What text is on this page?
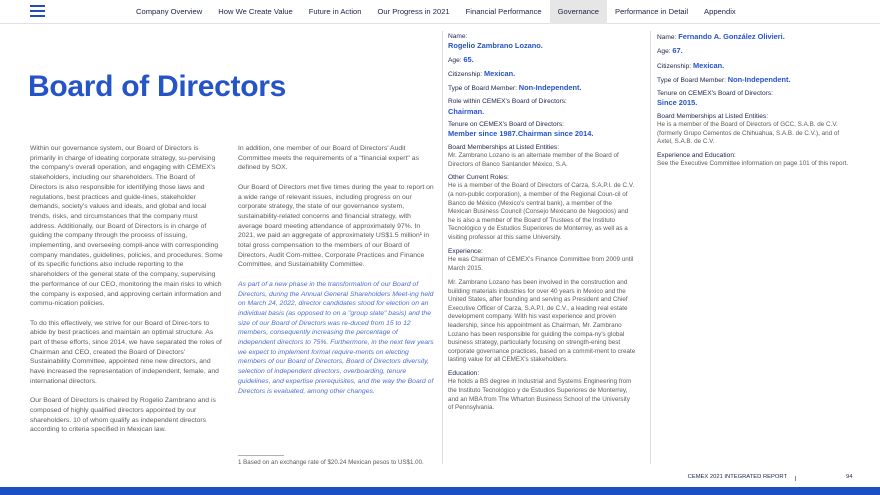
Company Overview	How We Create Value	Future in Action	Our Progress in 2021	Financial Performance	Governance	Performance in Detail	Appendix
Board of Directors

Within our governance system, our Board of Directors is primarily in charge of ideating corporate strategy, su-pervising the company's overall operation, and engaging with CEMEX's stakeholders, including our shareholders. The Board of Directors is also responsible for identifying those laws and regulations, best practices and guide-lines, stakeholder demands, society's values and ideals, and global and local trends, risks, and circumstances that the company must address. Additionally, our Board of Directors is in charge of guiding the company through the process of issuing, implementing, and overseeing compli-ance with corresponding company mandates, guidelines, policies, and procedures. Some of its specific functions also include reporting to the shareholders of the general state of the company, supervising the performance of our CEO, monitoring the main risks to which the company is exposed, and approving certain information and commu-nication policies.

To do this effectively, we strive for our Board of Direc-tors to abide by best practices and maintain an optimal structure. As part of these efforts, since 2014, we have separated the roles of Chairman and CEO, created the Board of Directors' Sustainability Committee, appointed nine new directors, and have increased the representation of independent, female, and international directors.

Our Board of Directors is chaired by Rogelio Zambrano and is composed of highly qualified directors appointed by our shareholders. 10 of whom qualify as independent directors according to criteria specified in Mexican law.

In addition, one member of our Board of Directors' Audit Committee meets the requirements of a "financial expert" as defined by SOX.

Our Board of Directors met five times during the year to report on a wide range of relevant issues, including progress on our corporate strategy, the state of our governance system, sustainability-related concerns and financial strategy, with average board meeting attendance of approximately 97%. In 2021, we paid an aggregate of approximately US$1.5 million¹ in total gross compensation to the members of our Board of Directors, Audit Com-mittee, Corporate Practices and Finance Committee, and Sustainability Committee.

As part of a new phase in the transformation of our Board of Directors, during the Annual General Shareholders Meet-ing held on March 24, 2022, director candidates stood for election on an individual basis (as opposed to on a "group slate" basis) and the size of our Board of Directors was re-duced from 15 to 12 members, consequently increasing the percentage of independent directors to 75%. Furthermore, in the next few years we expect to implement formal require-ments on electing members of our Board of Directors, Board of Directors diversity, selection of independent directors, overboarding, tenure guidelines, and expertise prerequisites, and the way the Board of Directors is evaluated, among other changes.

1 Based on an exchange rate of $20.24 Mexican pesos to US$1.00.
Name:
Rogelio Zambrano Lozano.
Age: 65.
Citizenship: Mexican.
Type of Board Member: Non-Independent.
Role within CEMEX's Board of Directors:
Chairman.
Tenure on CEMEX's Board of Directors:
Member since 1987.Chairman since 2014.
Board Memberships at Listed Entities:
Mr. Zambrano Lozano is an alternate member of the Board of Directors of Banco Santander México, S.A.
Other Current Roles:
He is a member of the Board of Directors of Carza, S.A.P.I. de C.V. (a non-public corporation), a member of the Regional Coun-cil of Banco de México (Mexico's central bank), a member of the Mexican Business Council (Consejo Mexicano de Negocios) and he is also a member of the Board of Trustees of the Instituto Tecnológico y de Estudios Superiores de Monterrey, as well as a visiting professor at this same University.
Experience:
He was Chairman of CEMEX's Finance Committee from 2009 until March 2015.
Mr. Zambrano Lozano has been involved in the construction and building materials industries for over 40 years in Mexico and the United States, after founding and serving as President and Chief Executive Officer of Carza, S.A.P.I. de C.V., a leading real estate development company. With his vast experience and proven leadership, since his appointment as Chairman, Mr. Zambrano Lozano has been responsible for guiding the compa-ny's global business strategy, particularly focusing on strength-ening best corporate governance practices, based on a commit-ment to create lasting value for all CEMEX's stakeholders.
Education:
He holds a BS degree in Industrial and Systems Engineering from the Instituto Tecnológico y de Estudios Superiores de Monterrey, and an MBA from The Wharton Business School of the University of Pennsylvania.
Name: Fernando A. González Olivieri.
Age: 67.
Citizenship: Mexican.
Type of Board Member: Non-Independent.
Tenure on CEMEX's Board of Directors:
Since 2015.
Board Memberships at Listed Entities:
He is a member of the Board of Directors of GCC, S.A.B. de C.V. (formerly Grupo Cementos de Chihuahua, S.A.B. de C.V.), and of Axtel, S.A.B. de C.V.
Experience and Education:
See the Executive Committee information on page 101 of this report.
CEMEX 2021 INTEGRATED REPORT	94
